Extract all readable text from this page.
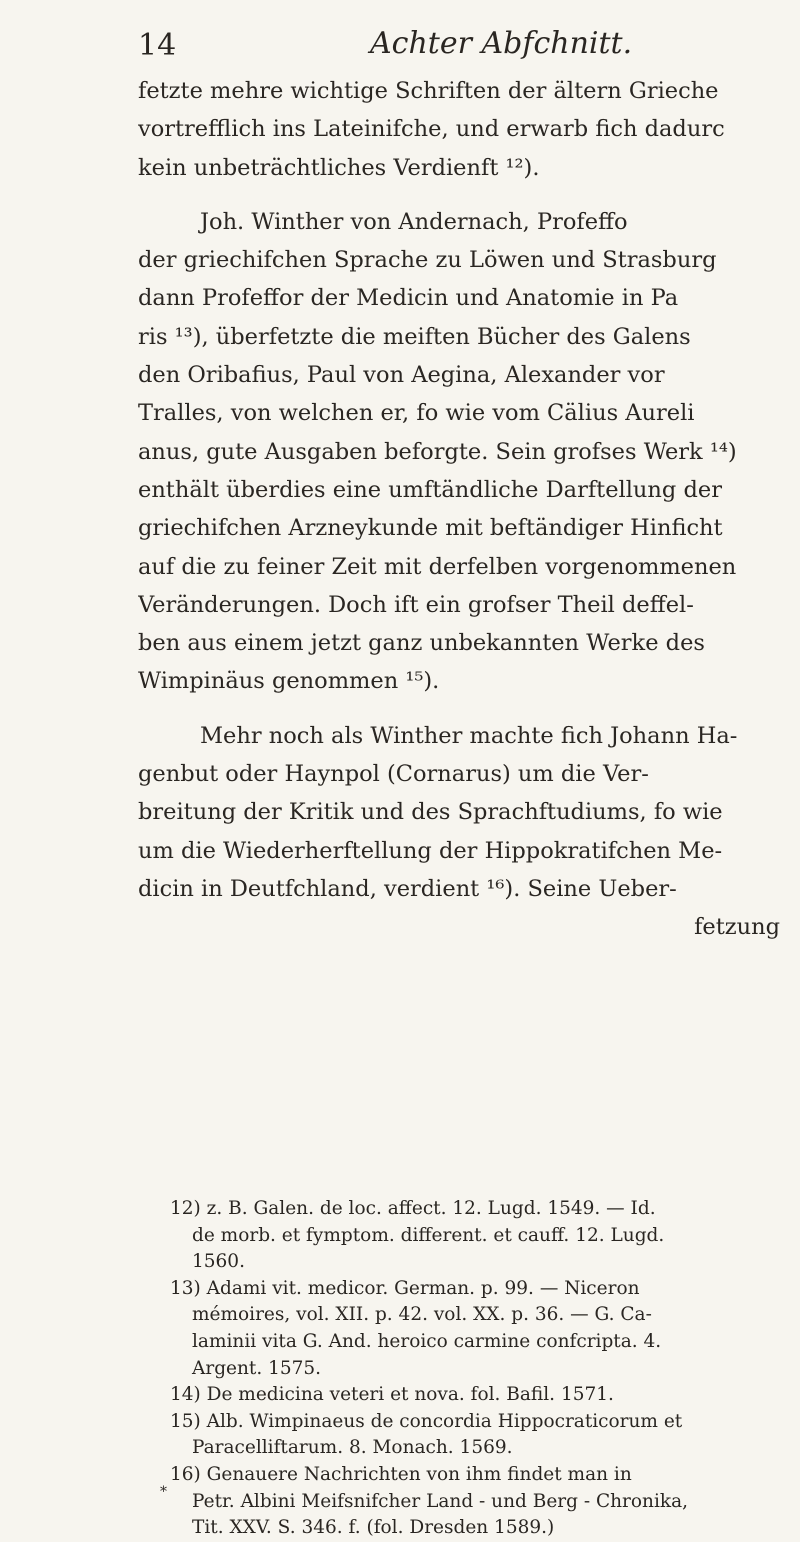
14	Achter Abfchnitt.
fetzte mehre wichtige Schriften der ältern Grieche
vortrefflich ins Lateinifche, und erwarb fich dadurc
kein unbeträchtliches Verdienft ¹²).
Joh. Winther von Andernach, Profeffo
der griechifchen Sprache zu Löwen und Strasburg
dann Profeffor der Medicin und Anatomie in Pa
ris ¹³), überfetzte die meiften Bücher des Galens
den Oribafius, Paul von Aegina, Alexander vor
Tralles, von welchen er, fo wie vom Cälius Aureli
anus, gute Ausgaben beforgte. Sein grofses Werk ¹⁴)
enthält überdies eine umftändliche Darftellung der
griechifchen Arzneykunde mit beftändiger Hinficht
auf die zu feiner Zeit mit derfelben vorgenommenen
Veränderungen. Doch ift ein grofser Theil deffel-
ben aus einem jetzt ganz unbekannten Werke des
Wimpinäus genommen ¹⁵).
Mehr noch als Winther machte fich Johann Ha-
genbut oder Haynpol (Cornarus) um die Ver-
breitung der Kritik und des Sprachftudiums, fo wie
um die Wiederherftellung der Hippokratifchen Me-
dicin in Deutfchland, verdient ¹⁶). Seine Ueber-
fetzung
12) z. B. Galen. de loc. affect. 12. Lugd. 1549. — Id.
de morb. et fymptom. different. et cauff. 12. Lugd.
1560.
13) Adami vit. medicor. German. p. 99. — Niceron
mémoires, vol. XII. p. 42. vol. XX. p. 36. — G. Ca-
laminii vita G. And. heroico carmine confcripta. 4.
Argent. 1575.
14) De medicina veteri et nova. fol. Bafil. 1571.
15) Alb. Wimpinaeus de concordia Hippocraticorum et
Paracelliftarum. 8. Monach. 1569.
16) Genauere Nachrichten von ihm findet man in
Petr. Albini Meifsnifcher Land - und Berg - Chronika,
Tit. XXV. S. 346. f. (fol. Dresden 1589.)
*
